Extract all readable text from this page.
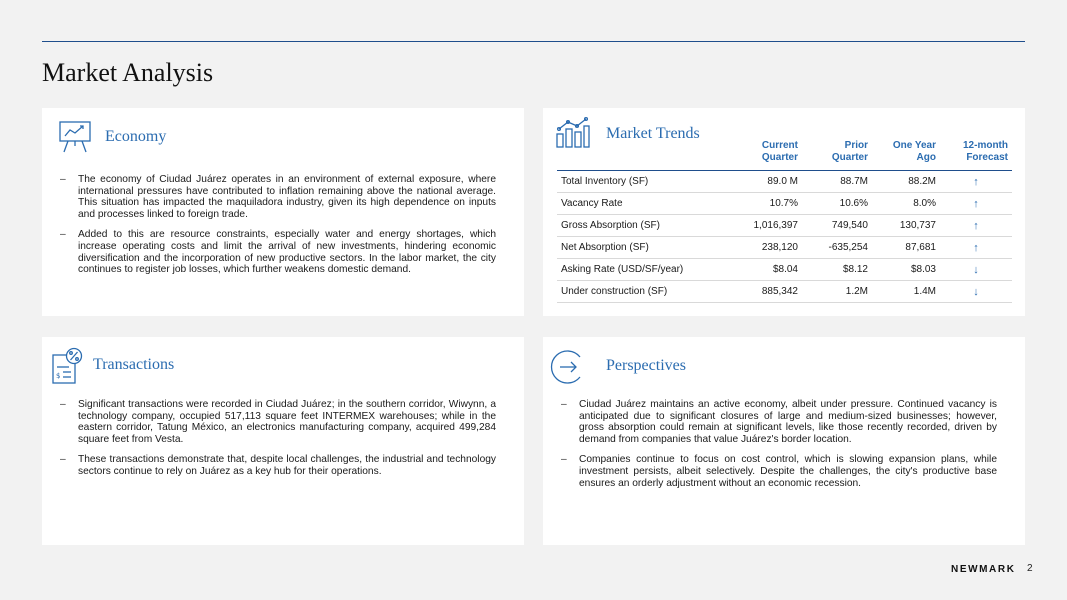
Market Analysis
Economy
– The economy of Ciudad Juárez operates in an environment of external exposure, where international pressures have contributed to inflation remaining above the national average. This situation has impacted the maquiladora industry, given its high dependence on inputs and processes linked to foreign trade.
– Added to this are resource constraints, especially water and energy shortages, which increase operating costs and limit the arrival of new investments, hindering economic diversification and the incorporation of new productive sectors. In the labor market, the city continues to register job losses, which further weakens domestic demand.
Market Trends
	Current Quarter	Prior Quarter	One Year Ago	12-month Forecast
Total Inventory (SF)	89.0 M	88.7M	88.2M	↑
Vacancy Rate	10.7%	10.6%	8.0%	↑
Gross Absorption (SF)	1,016,397	749,540	130,737	↑
Net Absorption (SF)	238,120	-635,254	87,681	↑
Asking Rate (USD/SF/year)	$8.04	$8.12	$8.03	↓
Under construction (SF)	885,342	1.2M	1.4M	↓
$
Transactions
– Significant transactions were recorded in Ciudad Juárez; in the southern corridor, Wiwynn, a technology company, occupied 517,113 square feet INTERMEX warehouses; while in the eastern corridor, Tatung México, an electronics manufacturing company, acquired 499,284 square feet from Vesta.
– These transactions demonstrate that, despite local challenges, the industrial and technology sectors continue to rely on Juárez as a key hub for their operations.
Perspectives
– Ciudad Juárez maintains an active economy, albeit under pressure. Continued vacancy is anticipated due to significant closures of large and medium-sized businesses; however, gross absorption could remain at significant levels, like those recently recorded, driven by demand from companies that value Juárez's border location.
– Companies continue to focus on cost control, which is slowing expansion plans, while investment persists, albeit selectively. Despite the challenges, the city's productive base ensures an orderly adjustment without an economic recession.
NEWMARK 2
